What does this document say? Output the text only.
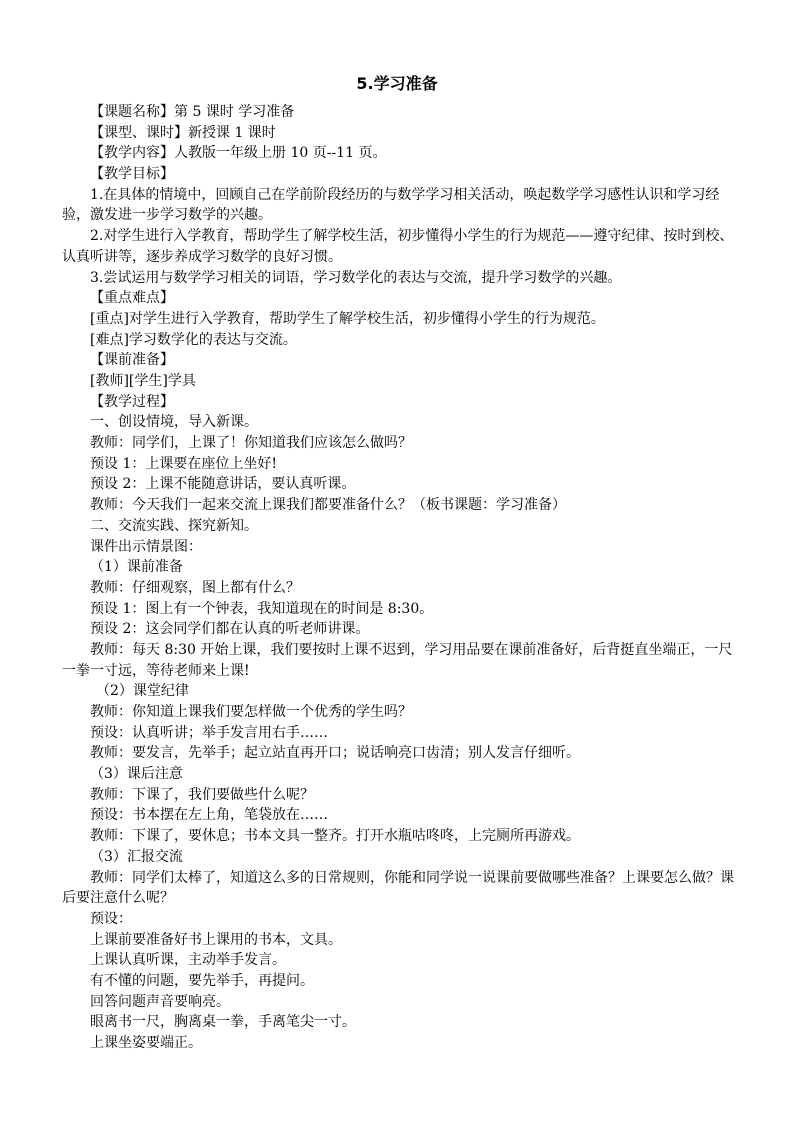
5.学习准备
【课题名称】第 5 课时 学习准备
【课型、课时】新授课 1 课时
【教学内容】人教版一年级上册 10 页--11 页。
【教学目标】
1.在具体的情境中，回顾自己在学前阶段经历的与数学学习相关活动，唤起数学学习感性认识和学习经验，激发进一步学习数学的兴趣。
2.对学生进行入学教育，帮助学生了解学校生活，初步懂得小学生的行为规范——遵守纪律、按时到校、认真听讲等，逐步养成学习数学的良好习惯。
3.尝试运用与数学学习相关的词语，学习数学化的表达与交流，提升学习数学的兴趣。
【重点难点】
[重点]对学生进行入学教育，帮助学生了解学校生活，初步懂得小学生的行为规范。
[难点]学习数学化的表达与交流。
【课前准备】
[教师][学生]学具
【教学过程】
一、创设情境，导入新课。
教师：同学们，上课了！你知道我们应该怎么做吗？
预设 1：上课要在座位上坐好!
预设 2：上课不能随意讲话，要认真听课。
教师：今天我们一起来交流上课我们都要准备什么？（板书课题：学习准备）
二、交流实践、探究新知。
课件出示情景图：
（1）课前准备
教师：仔细观察，图上都有什么？
预设 1：图上有一个钟表，我知道现在的时间是 8:30。
预设 2：这会同学们都在认真的听老师讲课。
教师：每天 8:30 开始上课，我们要按时上课不迟到，学习用品要在课前准备好，后背挺直坐端正，一尺一拳一寸远，等待老师来上课!
（2）课堂纪律
教师：你知道上课我们要怎样做一个优秀的学生吗？
预设：认真听讲；举手发言用右手……
教师：要发言，先举手；起立站直再开口；说话响亮口齿清；别人发言仔细听。
（3）课后注意
教师：下课了，我们要做些什么呢？
预设：书本摆在左上角，笔袋放在……
教师：下课了，要休息；书本文具一整齐。打开水瓶咕咚咚，上完厕所再游戏。
（3）汇报交流
教师：同学们太棒了，知道这么多的日常规则，你能和同学说一说课前要做哪些准备？上课要怎么做？课后要注意什么呢？
预设：
上课前要准备好书上课用的书本，文具。
上课认真听课，主动举手发言。
有不懂的问题，要先举手，再提问。
回答问题声音要响亮。
眼离书一尺，胸离桌一拳，手离笔尖一寸。
上课坐姿要端正。
